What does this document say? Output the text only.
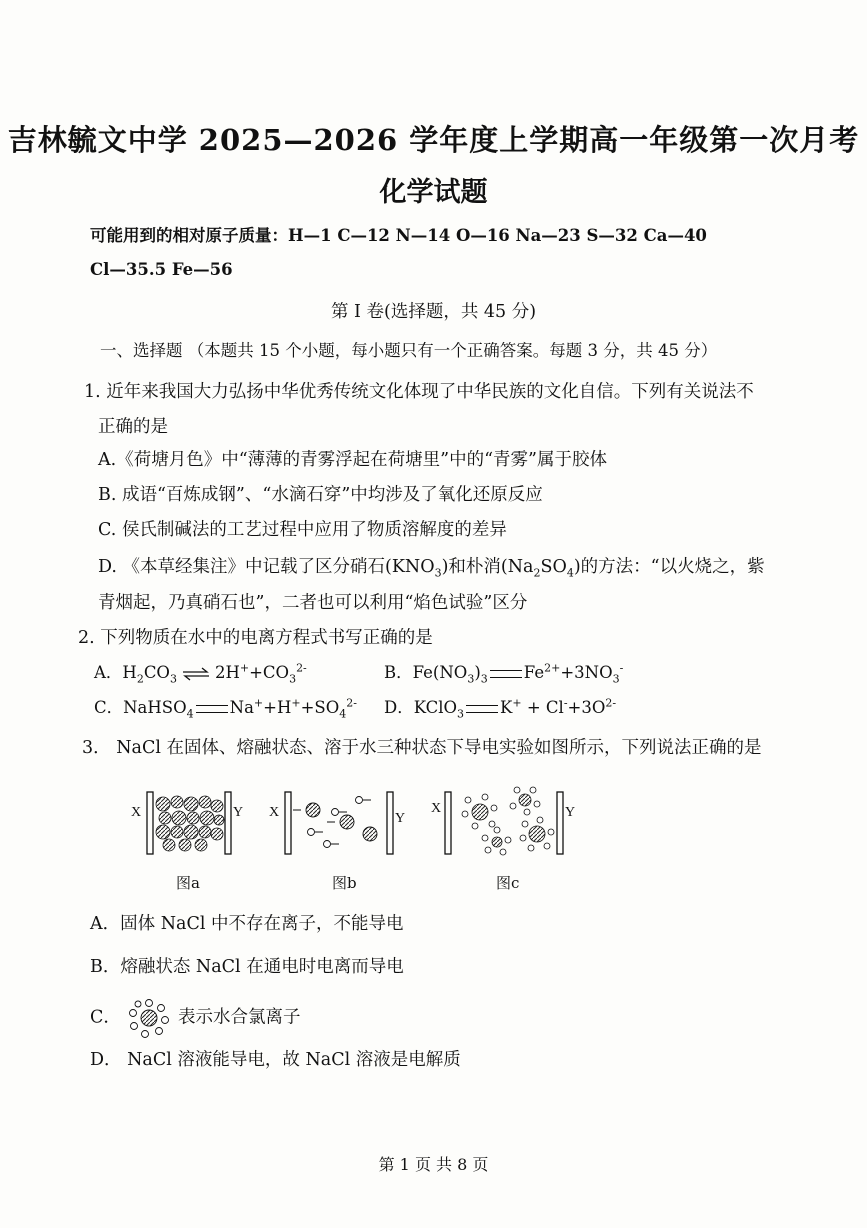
吉林毓文中学 2025—2026 学年度上学期高一年级第一次月考
化学试题
可能用到的相对原子质量：H—1 C—12 N—14 O—16 Na—23 S—32 Ca—40
Cl—35.5 Fe—56
第 I 卷(选择题，共 45 分)
一、选择题 （本题共 15 个小题，每小题只有一个正确答案。每题 3 分，共 45 分）
1. 近年来我国大力弘扬中华优秀传统文化体现了中华民族的文化自信。下列有关说法不
正确的是
A.《荷塘月色》中“薄薄的青雾浮起在荷塘里”中的“青雾”属于胶体
B. 成语“百炼成钢”、“水滴石穿”中均涉及了氧化还原反应
C. 侯氏制碱法的工艺过程中应用了物质溶解度的差异
D. 《本草经集注》中记载了区分硝石$(KNO_3)$和朴消$(Na_2SO_4)$的方法：“以火烧之，紫
青烟起，乃真硝石也”，二者也可以利用“焰色试验”区分
2. 下列物质在水中的电离方程式书写正确的是
A．$H_2CO_3$ ⇌ $2H^++CO_3^{2-}$	B．$Fe(NO_3)_3$ $Fe^{2+}+3NO_3^-$
C．NaHSO$_4$ $Na^++H^++SO_4^{2-}$ D．KClO$_3$ $K^+ + Cl^-+3O^{2-}$
3． NaCl 在固体、熔融状态、溶于水三种状态下导电实验如图所示，下列说法正确的是
X	Y X	Y
X	Y
图a	图b	图c
A．固体 NaCl 中不存在离子，不能导电
B．熔融状态 NaCl 在通电时电离而导电
C．	表示水合氯离子
D． NaCl 溶液能导电，故 NaCl 溶液是电解质
第 1 页 共 8 页
